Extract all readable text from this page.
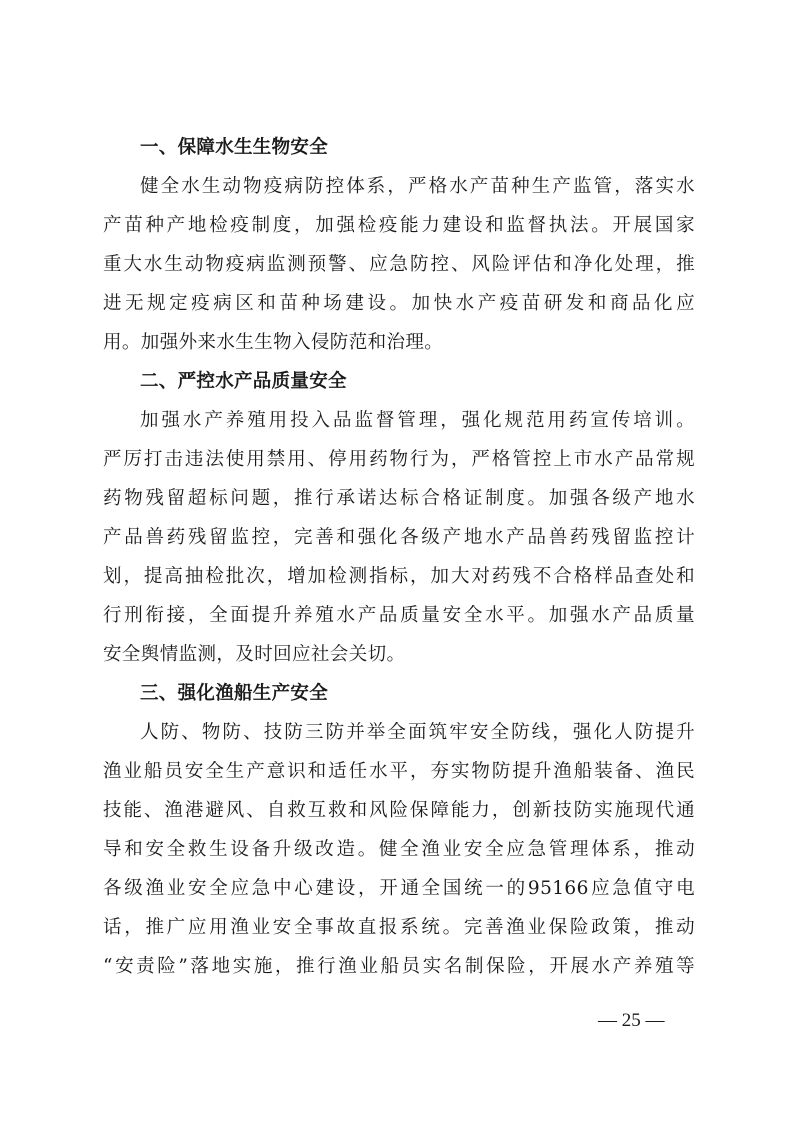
一、保障水生生物安全
健全水生动物疫病防控体系，严格水产苗种生产监管，落实水
产苗种产地检疫制度，加强检疫能力建设和监督执法。开展国家
重大水生动物疫病监测预警、应急防控、风险评估和净化处理，推
进无规定疫病区和苗种场建设。加快水产疫苗研发和商品化应
用。加强外来水生生物入侵防范和治理。
二、严控水产品质量安全
加强水产养殖用投入品监督管理，强化规范用药宣传培训。
严厉打击违法使用禁用、停用药物行为，严格管控上市水产品常规
药物残留超标问题，推行承诺达标合格证制度。加强各级产地水
产品兽药残留监控，完善和强化各级产地水产品兽药残留监控计
划，提高抽检批次，增加检测指标，加大对药残不合格样品查处和
行刑衔接，全面提升养殖水产品质量安全水平。加强水产品质量
安全舆情监测，及时回应社会关切。
三、强化渔船生产安全
人防、物防、技防三防并举全面筑牢安全防线，强化人防提升
渔业船员安全生产意识和适任水平，夯实物防提升渔船装备、渔民
技能、渔港避风、自救互救和风险保障能力，创新技防实施现代通
导和安全救生设备升级改造。健全渔业安全应急管理体系，推动
各级渔业安全应急中心建设，开通全国统一的95166应急值守电
话，推广应用渔业安全事故直报系统。完善渔业保险政策，推动
“安责险”落地实施，推行渔业船员实名制保险，开展水产养殖等
— 25 —
